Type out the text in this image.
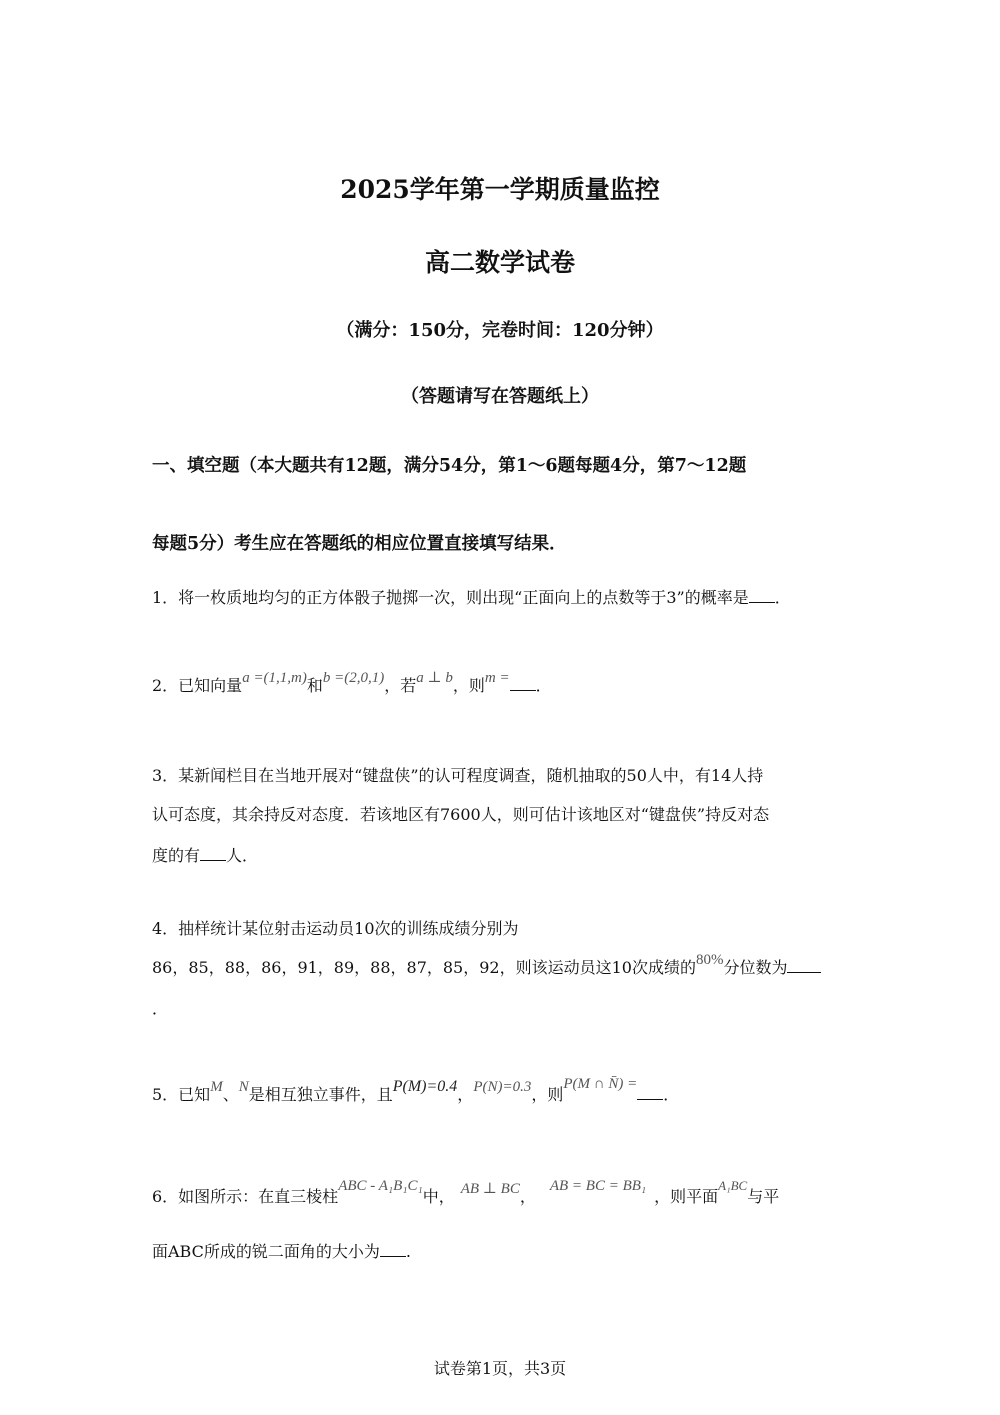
2025学年第一学期质量监控
高二数学试卷
（满分：150分，完卷时间：120分钟）
（答题请写在答题纸上）
一、填空题（本大题共有12题，满分54分，第1～6题每题4分，第7～12题
每题5分）考生应在答题纸的相应位置直接填写结果．
1．将一枚质地均匀的正方体骰子抛掷一次，则出现“正面向上的点数等于3”的概率是 ．
2．已知向量a =(1,1,m)和b =(2,0,1)，若a ⊥ b，则m = ．
3．某新闻栏目在当地开展对“键盘侠”的认可程度调查，随机抽取的50人中，有14人持
认可态度，其余持反对态度．若该地区有7600人，则可估计该地区对“键盘侠”持反对态
度的有 人．
4．抽样统计某位射击运动员10次的训练成绩分别为
86，85，88，86，91，89，88，87，85，92，则该运动员这10次成绩的80%分位数为
．
5．已知M、N是相互独立事件，且P(M)=0.4，P(N)=0.3，则P(M ∩ N̄) =．
6．如图所示：在直三棱柱ABC - A₁B₁C₁中， AB ⊥ BC，AB = BC = BB₁，则平面$^{A_1BC}$与平
面ABC所成的锐二面角的大小为 .
试卷第1页，共3页
